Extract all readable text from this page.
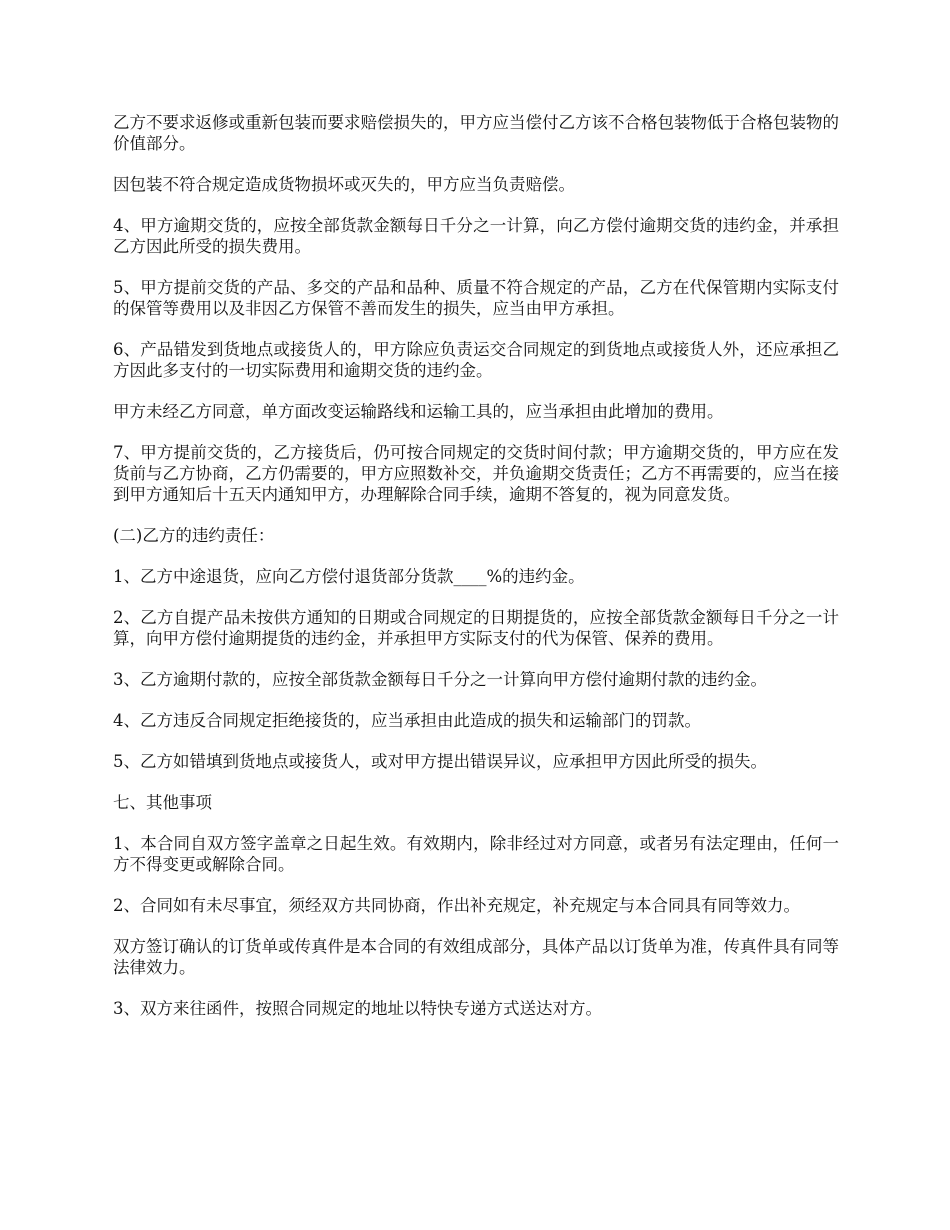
乙方不要求返修或重新包装而要求赔偿损失的，甲方应当偿付乙方该不合格包装物低于合格包装物的价值部分。

因包装不符合规定造成货物损坏或灭失的，甲方应当负责赔偿。

4、甲方逾期交货的，应按全部货款金额每日千分之一计算，向乙方偿付逾期交货的违约金，并承担乙方因此所受的损失费用。

5、甲方提前交货的产品、多交的产品和品种、质量不符合规定的产品，乙方在代保管期内实际支付的保管等费用以及非因乙方保管不善而发生的损失，应当由甲方承担。

6、产品错发到货地点或接货人的，甲方除应负责运交合同规定的到货地点或接货人外，还应承担乙方因此多支付的一切实际费用和逾期交货的违约金。

甲方未经乙方同意，单方面改变运输路线和运输工具的，应当承担由此增加的费用。

7、甲方提前交货的，乙方接货后，仍可按合同规定的交货时间付款；甲方逾期交货的，甲方应在发货前与乙方协商，乙方仍需要的，甲方应照数补交，并负逾期交货责任；乙方不再需要的，应当在接到甲方通知后十五天内通知甲方，办理解除合同手续，逾期不答复的，视为同意发货。

(二)乙方的违约责任：

1、乙方中途退货，应向乙方偿付退货部分货款____%的违约金。

2、乙方自提产品未按供方通知的日期或合同规定的日期提货的，应按全部货款金额每日千分之一计算，向甲方偿付逾期提货的违约金，并承担甲方实际支付的代为保管、保养的费用。

3、乙方逾期付款的，应按全部货款金额每日千分之一计算向甲方偿付逾期付款的违约金。

4、乙方违反合同规定拒绝接货的，应当承担由此造成的损失和运输部门的罚款。

5、乙方如错填到货地点或接货人，或对甲方提出错误异议，应承担甲方因此所受的损失。

七、其他事项

1、本合同自双方签字盖章之日起生效。有效期内，除非经过对方同意，或者另有法定理由，任何一方不得变更或解除合同。

2、合同如有未尽事宜，须经双方共同协商，作出补充规定，补充规定与本合同具有同等效力。

双方签订确认的订货单或传真件是本合同的有效组成部分，具体产品以订货单为准，传真件具有同等法律效力。

3、双方来往函件，按照合同规定的地址以特快专递方式送达对方。
